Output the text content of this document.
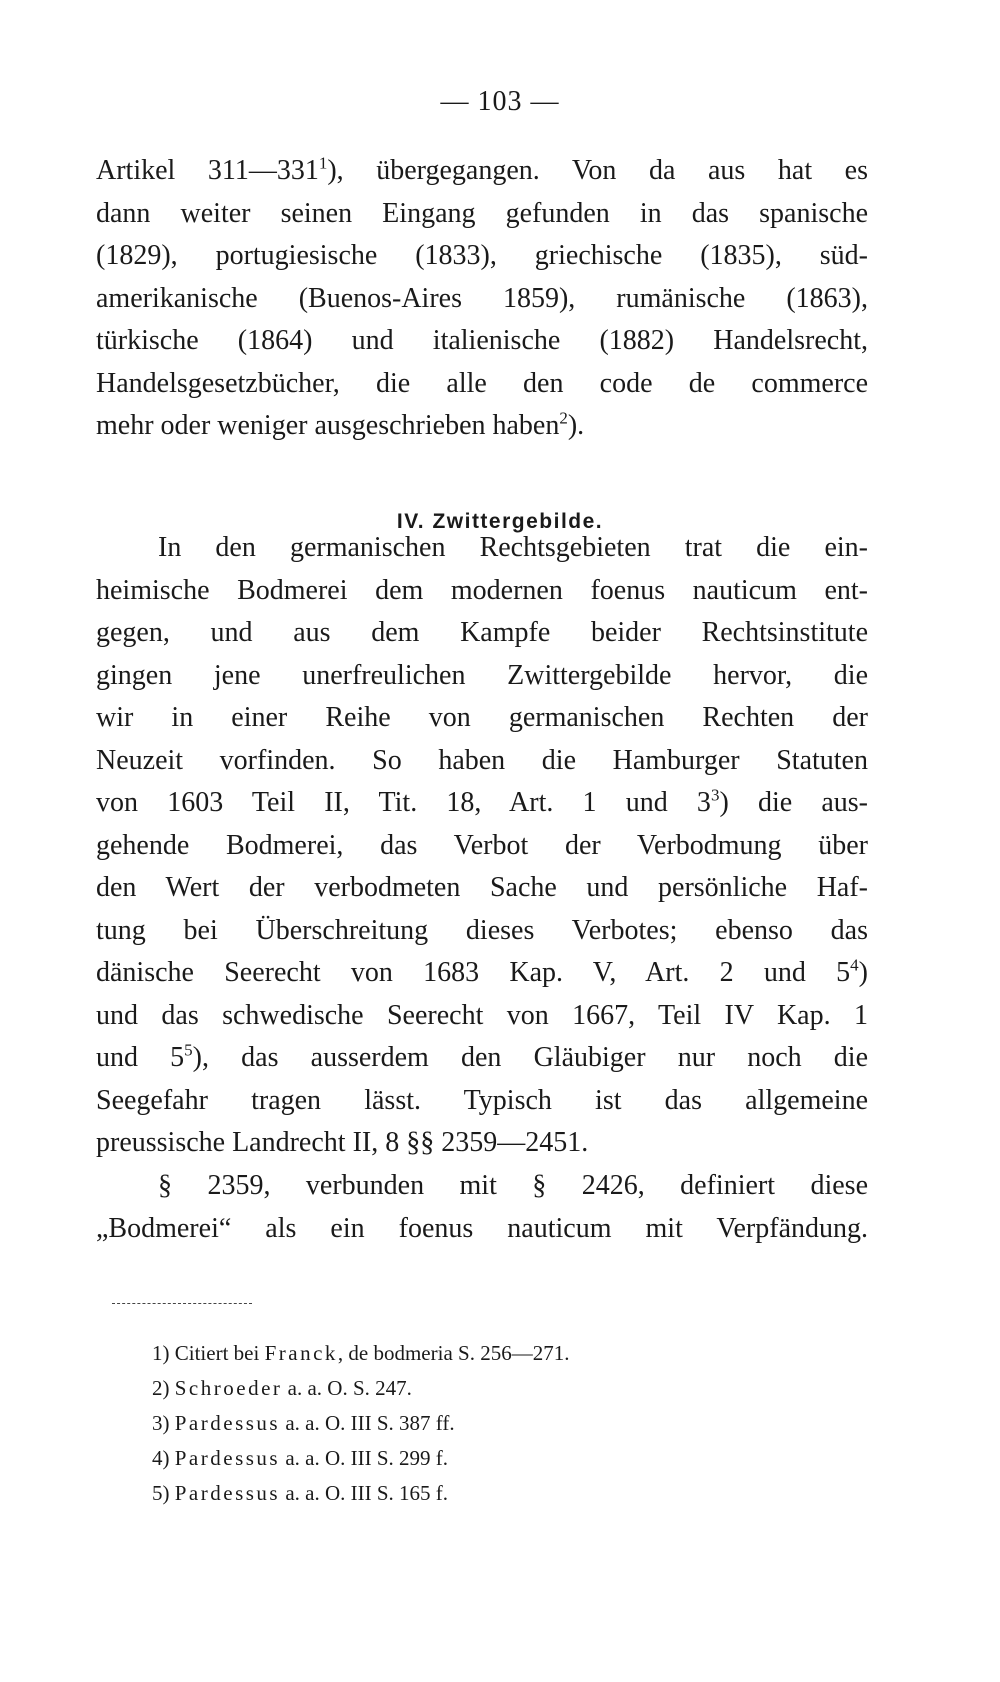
— 103 —
Artikel $311—331^1$), übergegangen. Von da aus hat es
dann weiter seinen Eingang gefunden in das spanische
(1829), portugiesische (1833), griechische (1835), süd-
amerikanische (Buenos-Aires 1859), rumänische (1863),
türkische (1864) und italienische (1882) Handelsrecht,
Handelsgesetzbücher, die alle den code de commerce
mehr oder weniger ausgeschrieben haben$^2$).
IV. Zwittergebilde.
In den germanischen Rechtsgebieten trat die ein-
heimische Bodmerei dem modernen foenus nauticum ent-
gegen, und aus dem Kampfe beider Rechtsinstitute
gingen jene unerfreulichen Zwittergebilde hervor, die
wir in einer Reihe von germanischen Rechten der
Neuzeit vorfinden. So haben die Hamburger Statuten
von 1603 Teil II, Tit. 18, Art. 1 und $3^3$) die aus-
gehende Bodmerei, das Verbot der Verbodmung über
den Wert der verbodmeten Sache und persönliche Haf-
tung bei Überschreitung dieses Verbotes; ebenso das
dänische Seerecht von 1683 Kap. V, Art. 2 und $5^4$)
und das schwedische Seerecht von 1667, Teil IV Kap. 1
und $5^5$), das ausserdem den Gläubiger nur noch die
Seegefahr tragen lässt. Typisch ist das allgemeine
preussische Landrecht II, 8 §§ 2359—2451.
§ 2359, verbunden mit § 2426, definiert diese
„Bodmerei“ als ein foenus nauticum mit Verpfändung.
1) Citiert bei Franck, de bodmeria S. 256—271.
2) Schroeder a. a. O. S. 247.
3) Pardessus a. a. O. III S. 387 ff.
4) Pardessus a. a. O. III S. 299 f.
5) Pardessus a. a. O. III S. 165 f.
